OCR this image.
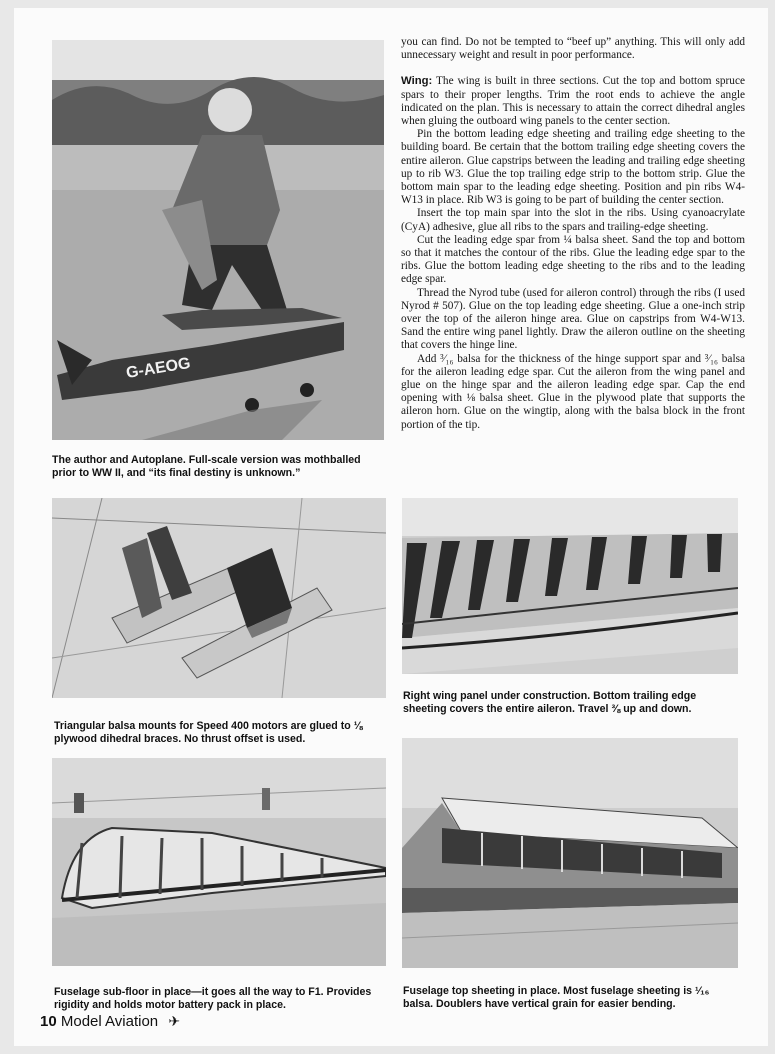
G-AEOG

The author and Autoplane. Full-scale version was mothballed prior to WW II, and “its final destiny is unknown.”

you can find. Do not be tempted to “beef up” anything. This will only add unnecessary weight and result in poor performance.

Wing: The wing is built in three sections. Cut the top and bottom spruce spars to their proper lengths. Trim the root ends to achieve the angle indicated on the plan. This is necessary to attain the correct dihedral angles when gluing the outboard wing panels to the center section.

Pin the bottom leading edge sheeting and trailing edge sheeting to the building board. Be certain that the bottom trailing edge sheeting covers the entire aileron. Glue capstrips between the leading and trailing edge sheeting up to rib W3. Glue the top trailing edge strip to the bottom strip. Glue the bottom main spar to the leading edge sheeting. Position and pin ribs W4-W13 in place. Rib W3 is going to be part of building the center section.

Insert the top main spar into the slot in the ribs. Using cyanoacrylate (CyA) adhesive, glue all ribs to the spars and trailing-edge sheeting.

Cut the leading edge spar from ¼ balsa sheet. Sand the top and bottom so that it matches the contour of the ribs. Glue the leading edge spar to the ribs. Glue the bottom leading edge sheeting to the ribs and to the leading edge spar.

Thread the Nyrod tube (used for aileron control) through the ribs (I used Nyrod # 507). Glue on the top leading edge sheeting. Glue a one-inch strip over the top of the aileron hinge area. Glue on capstrips from W4-W13. Sand the entire wing panel lightly. Draw the aileron outline on the sheeting that covers the hinge line.

Add ³⁄₁₆ balsa for the thickness of the hinge support spar and ³⁄₁₆ balsa for the aileron leading edge spar. Cut the aileron from the wing panel and glue on the hinge spar and the aileron leading edge spar. Cap the end opening with ⅛ balsa sheet. Glue in the plywood plate that supports the aileron horn. Glue on the wingtip, along with the balsa block in the front portion of the tip.

Triangular balsa mounts for Speed 400 motors are glued to ⅛ plywood dihedral braces. No thrust offset is used.

Right wing panel under construction. Bottom trailing edge sheeting covers the entire aileron. Travel ⅜ up and down.

Fuselage sub-floor in place—it goes all the way to F1. Provides rigidity and holds motor battery pack in place.

Fuselage top sheeting in place. Most fuselage sheeting is ¹⁄₁₆ balsa. Doublers have vertical grain for easier bending.

10 Model Aviation ✈
